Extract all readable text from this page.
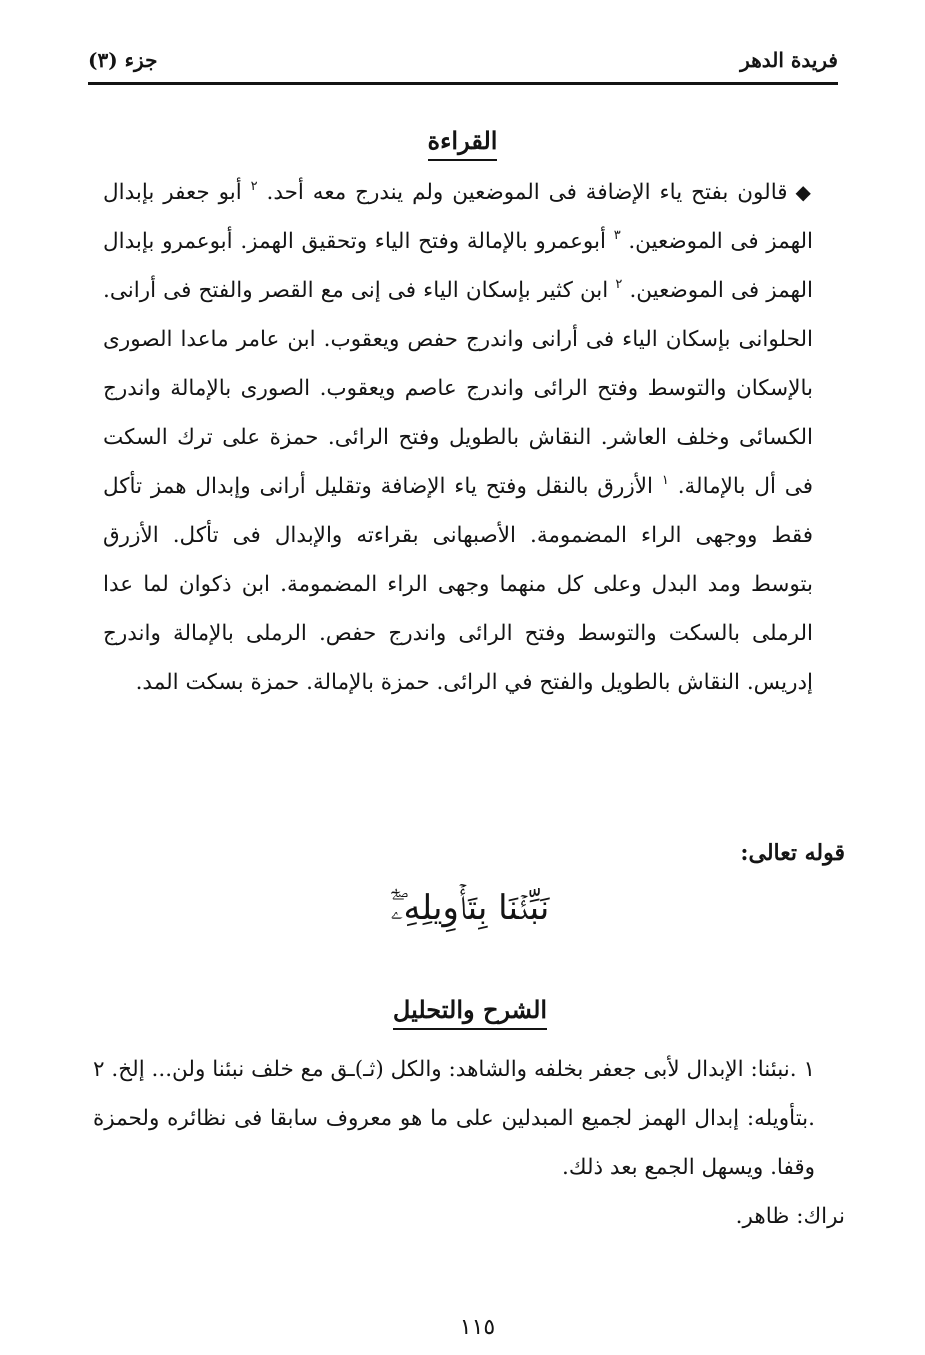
فريدة الدهر
جزء (٣)
القراءة

◆قالون بفتح ياء الإضافة فى الموضعين ولم يندرج معه أحد. $^٢$ أبو جعفر بإبدال الهمز فى الموضعين. $^٣$ أبوعمرو بالإمالة وفتح الياء وتحقيق الهمز. أبوعمرو بإبدال الهمز فى الموضعين. $^٢$ ابن كثير بإسكان الياء فى إنى مع القصر والفتح فى أرانى. الحلوانى بإسكان الياء فى أرانى واندرج حفص ويعقوب. ابن عامر ماعدا الصورى بالإسكان والتوسط وفتح الرائى واندرج عاصم ويعقوب. الصورى بالإمالة واندرج الكسائى وخلف العاشر. النقاش بالطويل وفتح الرائى. حمزة على ترك السكت فى أل بالإمالة. $^١$ الأزرق بالنقل وفتح ياء الإضافة وتقليل أرانى وإبدال همز تأكل فقط ووجهى الراء المضمومة. الأصبهانى بقراءته والإبدال فى تأكل. الأزرق بتوسط ومد البدل وعلى كل منهما وجهى الراء المضمومة. ابن ذكوان لما عدا الرملى بالسكت والتوسط وفتح الرائى واندرج حفص. الرملى بالإمالة واندرج إدريس. النقاش بالطويل والفتح في الرائى. حمزة بالإمالة. حمزة بسكت المد.

قوله تعالى:
نَبِّئۡنَا بِتَأۡوِيلِهِۦٓۖ
الشرح والتحليل

١ .نبئنا: الإبدال لأبى جعفر بخلفه والشاهد: والكل (ثـ)ـق مع خلف نبئنا ولن... إلخ. ٢ .بتأويله: إبدال الهمز لجميع المبدلين على ما هو معروف سابقا فى نظائره ولحمزة وقفا. ويسهل الجمع بعد ذلك.

نراك: ظاهر.

١١٥
